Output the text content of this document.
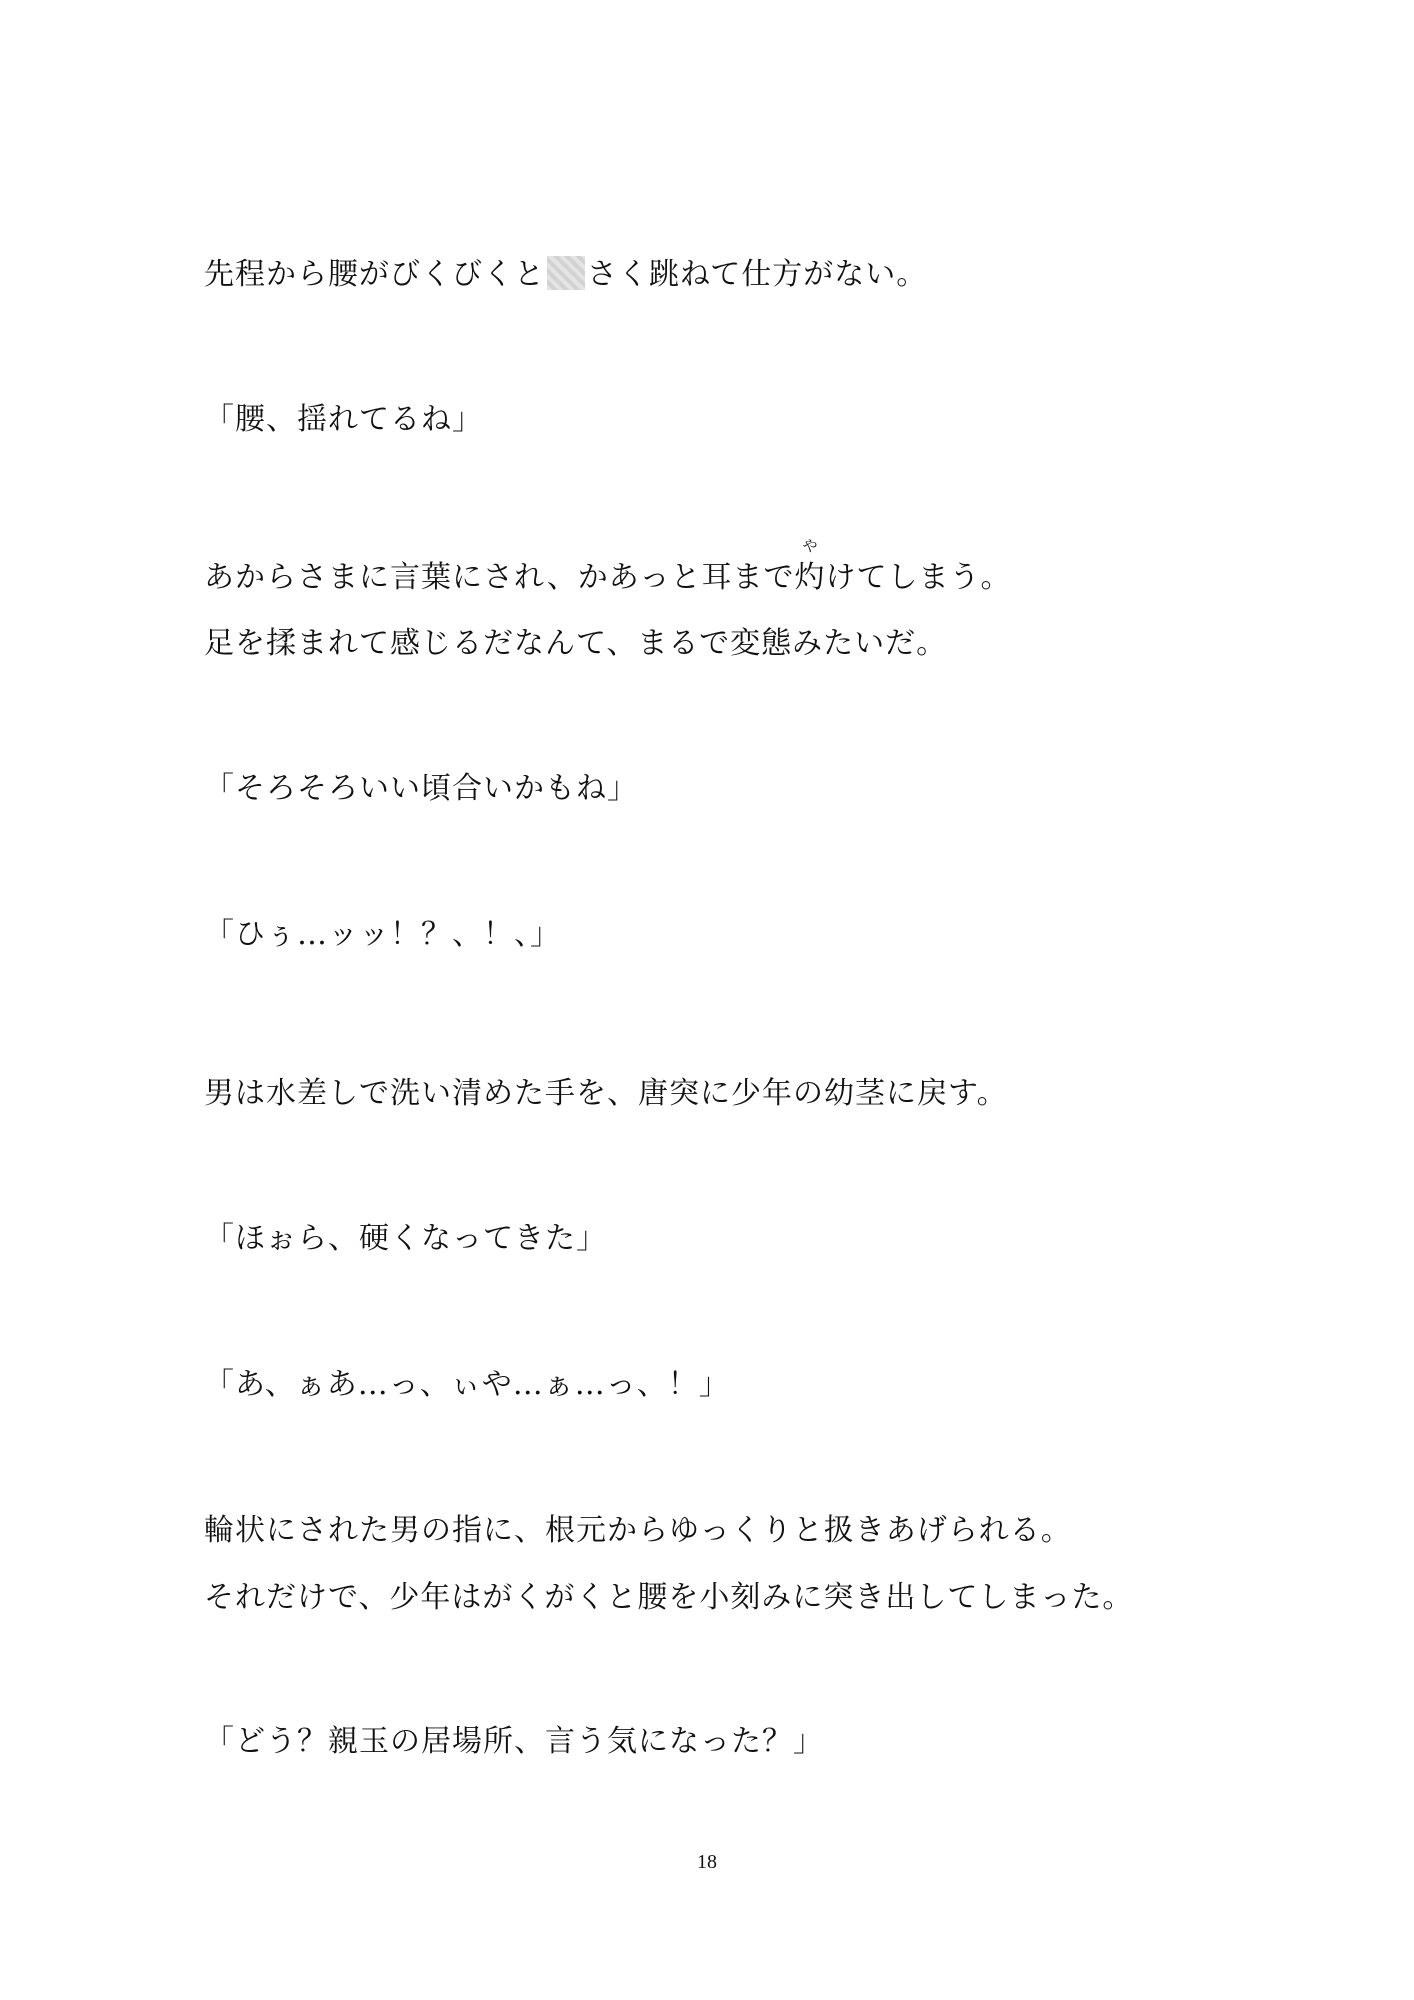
先程から腰がびくびくと さく跳ねて仕方がない。
「腰、揺れてるね」
あからさまに言葉にされ、かあっと耳まで
や
灼けてしまう。
足を揉まれて感じるだなんて、まるで変態みたいだ。
「そろそろいい頃合いかもね」
「ひぅ…ッッ！？、！、」
男は水差しで洗い清めた手を、唐突に少年の幼茎に戻す。
「ほぉら、硬くなってきた」
「あ、ぁあ…っ、ぃや…ぁ…っ、！」
輪状にされた男の指に、根元からゆっくりと扱きあげられる。
それだけで、少年はがくがくと腰を小刻みに突き出してしまった。
「どう？親玉の居場所、言う気になった？」
18
